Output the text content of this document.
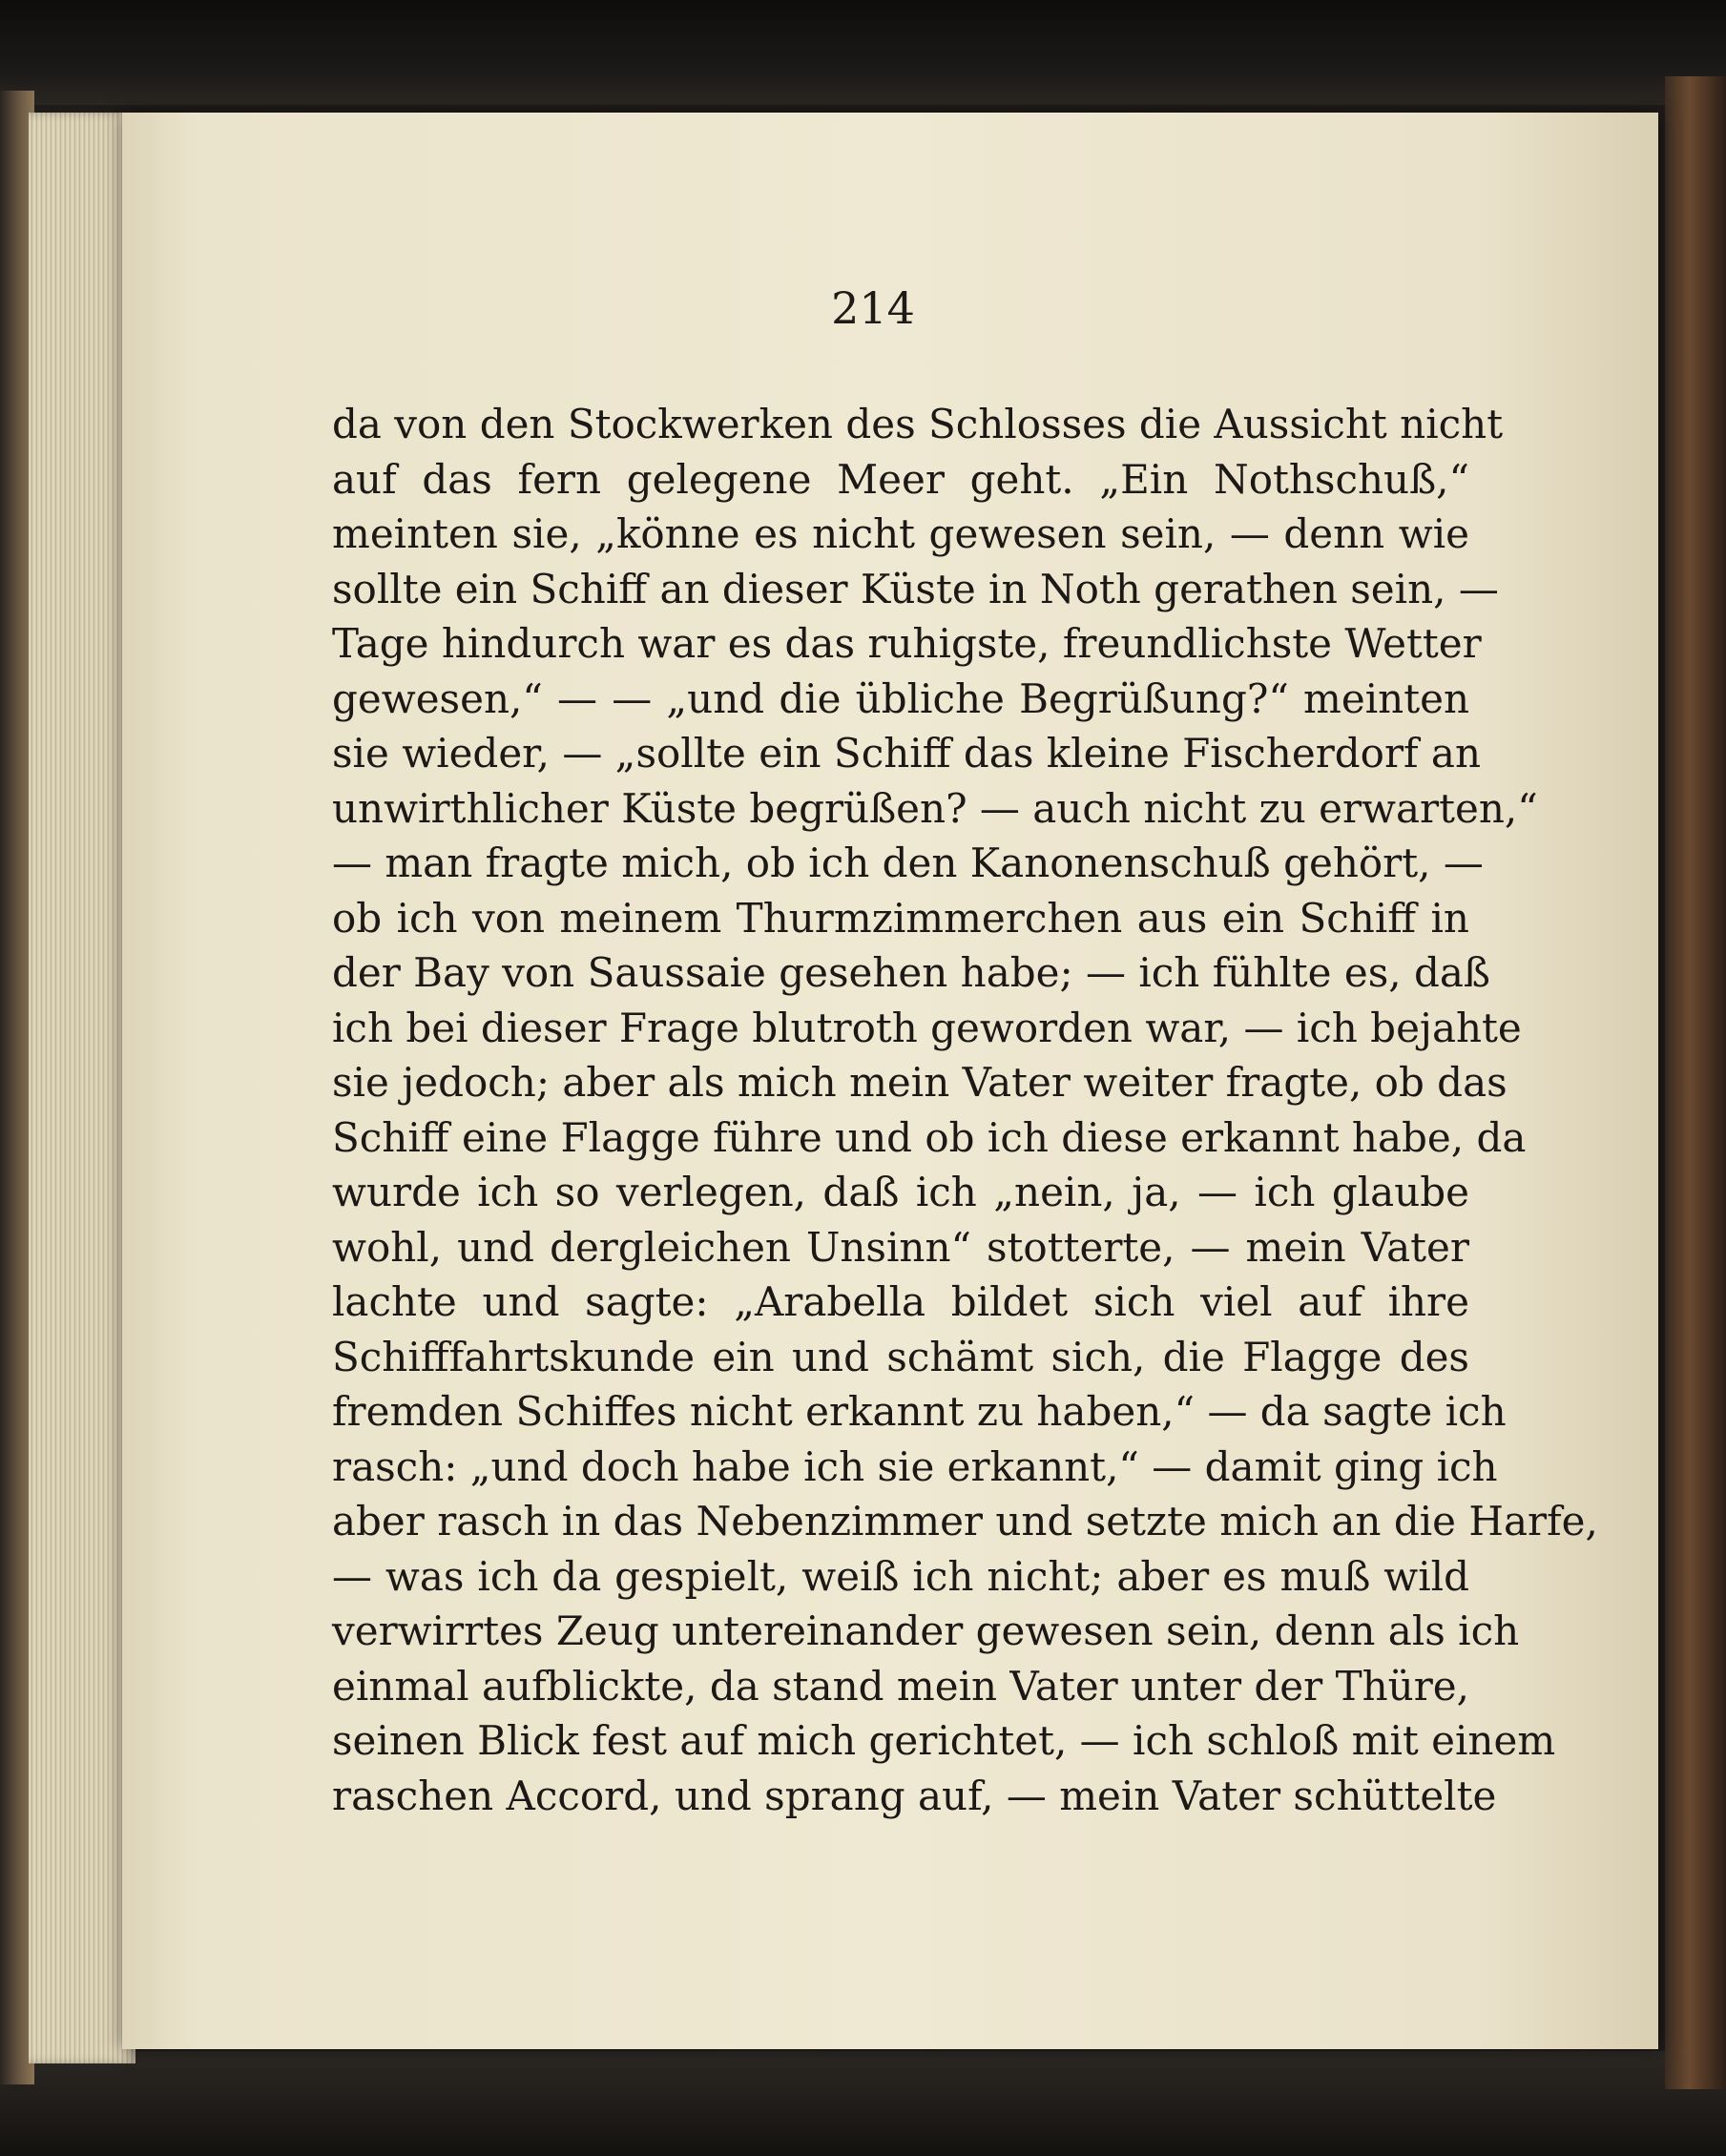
214
da von den Stockwerken des Schlosses die Aussicht nicht
auf das fern gelegene Meer geht. „Ein Nothschuß,“
meinten sie, „könne es nicht gewesen sein, — denn wie
sollte ein Schiff an dieser Küste in Noth gerathen sein, —
Tage hindurch war es das ruhigste, freundlichste Wetter
gewesen,“ — — „und die übliche Begrüßung?“ meinten
sie wieder, — „sollte ein Schiff das kleine Fischerdorf an
unwirthlicher Küste begrüßen? — auch nicht zu erwarten,“
— man fragte mich, ob ich den Kanonenschuß gehört, —
ob ich von meinem Thurmzimmerchen aus ein Schiff in
der Bay von Saussaie gesehen habe; — ich fühlte es, daß
ich bei dieser Frage blutroth geworden war, — ich bejahte
sie jedoch; aber als mich mein Vater weiter fragte, ob das
Schiff eine Flagge führe und ob ich diese erkannt habe, da
wurde ich so verlegen, daß ich „nein, ja, — ich glaube
wohl, und dergleichen Unsinn“ stotterte, — mein Vater
lachte und sagte: „Arabella bildet sich viel auf ihre
Schifffahrtskunde ein und schämt sich, die Flagge des
fremden Schiffes nicht erkannt zu haben,“ — da sagte ich
rasch: „und doch habe ich sie erkannt,“ — damit ging ich
aber rasch in das Nebenzimmer und setzte mich an die Harfe,
— was ich da gespielt, weiß ich nicht; aber es muß wild
verwirrtes Zeug untereinander gewesen sein, denn als ich
einmal aufblickte, da stand mein Vater unter der Thüre,
seinen Blick fest auf mich gerichtet, — ich schloß mit einem
raschen Accord, und sprang auf, — mein Vater schüttelte
